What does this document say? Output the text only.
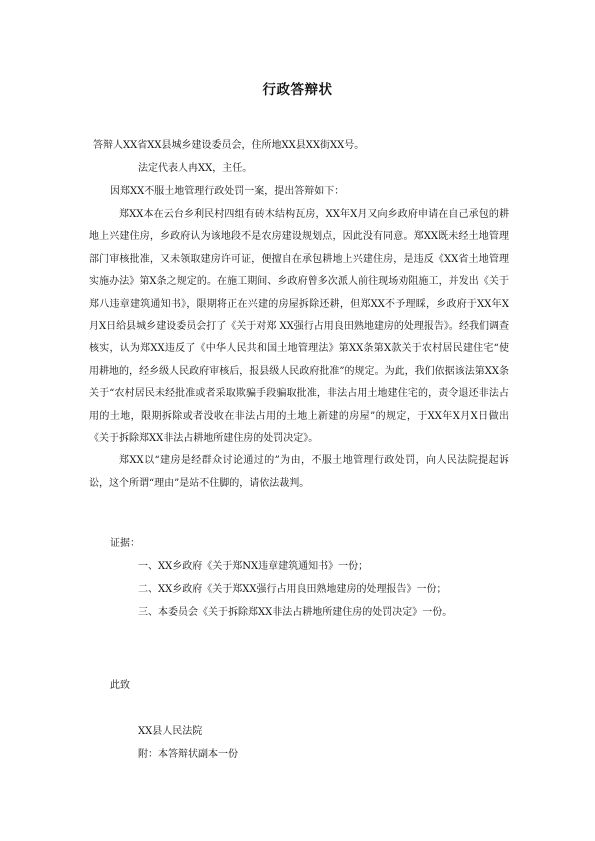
行政答辩状
答辩人XX省XX县城乡建设委员会，住所地XX县XX街XX号。
法定代表人冉XX，主任。
因郑XX不服土地管理行政处罚一案，提出答辩如下：

郑XX本在云台乡利民村四组有砖木结构瓦房，XX年X月又向乡政府申请在自己承包的耕地上兴建住房，乡政府认为该地段不是农房建设规划点，因此没有同意。郑XX既未经土地管理部门审核批准，又未领取建房许可证，便擅自在承包耕地上兴建住房，是违反《XX省土地管理实施办法》第X条之规定的。在施工期间、乡政府曾多次派人前往现场劝阻施工，并发出《关于郑八违章建筑通知书》，限期将正在兴建的房屋拆除还耕，但郑XX不予理睬，乡政府于XX年X月X日给县城乡建设委员会打了《关于对郑 XX强行占用良田熟地建房的处理报告》。经我们调查核实，认为郑XX违反了《中华人民共和国土地管理法》第XX条第X款关于农村居民建住宅“使用耕地的，经乡级人民政府审核后，报县级人民政府批准”的规定。为此，我们依据该法第XX条关于“农村居民未经批准或者采取欺骗手段骗取批准，非法占用土地建住宅的，责令退还非法占用的土地，限期拆除或者没收在非法占用的土地上新建的房屋”的规定，于XX年X月X日做出《关于拆除郑XX非法占耕地所建住房的处罚决定》。

郑XX以“建房是经群众讨论通过的”为由，不服土地管理行政处罚，向人民法院提起诉讼，这个所谓“理由”是站不住脚的，请依法裁判。

证据：
一、XX乡政府《关于郑NX违章建筑通知书》一份；
二、XX乡政府《关于郑XX强行占用良田熟地建房的处理报告》一份；
三、本委员会《关于拆除郑XX非法占耕地所建住房的处罚决定》一份。
此致
XX县人民法院
附：本答辩状副本一份
